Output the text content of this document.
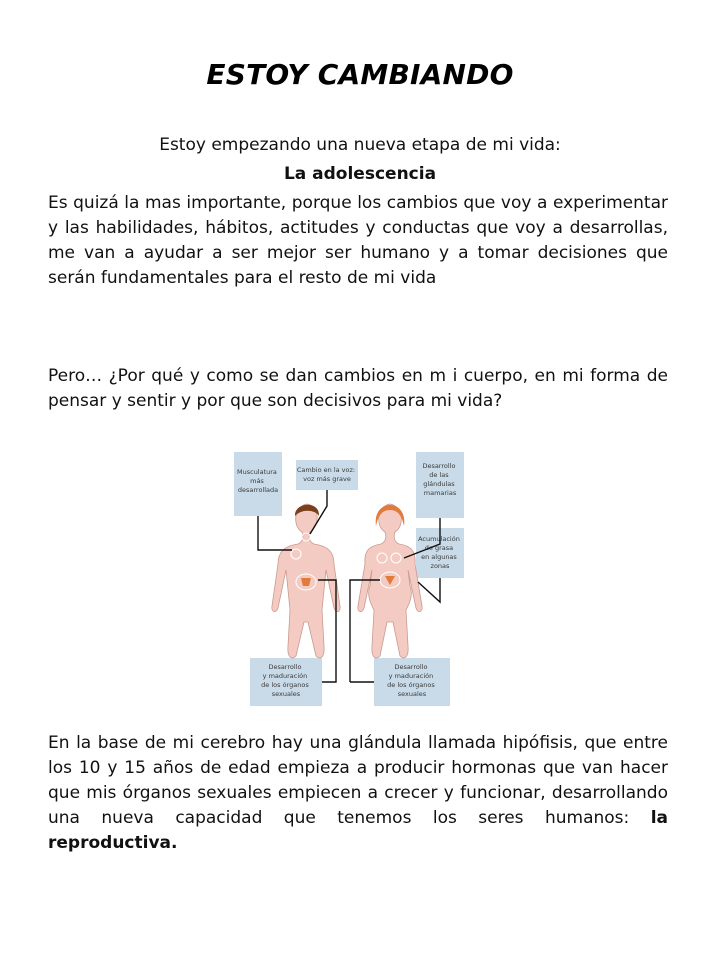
ESTOY CAMBIANDO
Estoy empezando una nueva etapa de mi vida:
La adolescencia
Es quizá la mas importante, porque los cambios que voy a experimentar y las habilidades, hábitos, actitudes y conductas que voy a desarrollas, me van a ayudar a ser mejor ser humano y a tomar decisiones que serán fundamentales para el resto de mi vida
Pero… ¿Por qué y como se dan cambios en m i cuerpo, en mi forma de pensar y sentir y por que son decisivos para mi vida?
Musculatura más desarrollada
Cambio en la voz: voz más grave
Desarrollo de las glándulas mamarias
Acumulación de grasa en algunas zonas
Desarrollo y maduración de los órganos sexuales
Desarrollo y maduración de los órganos sexuales
En la base de mi cerebro hay una glándula llamada hipófisis, que entre los 10 y 15 años de edad empieza a producir hormonas que van hacer que mis órganos sexuales empiecen a crecer y funcionar, desarrollando una nueva capacidad que tenemos los seres humanos: la reproductiva.
